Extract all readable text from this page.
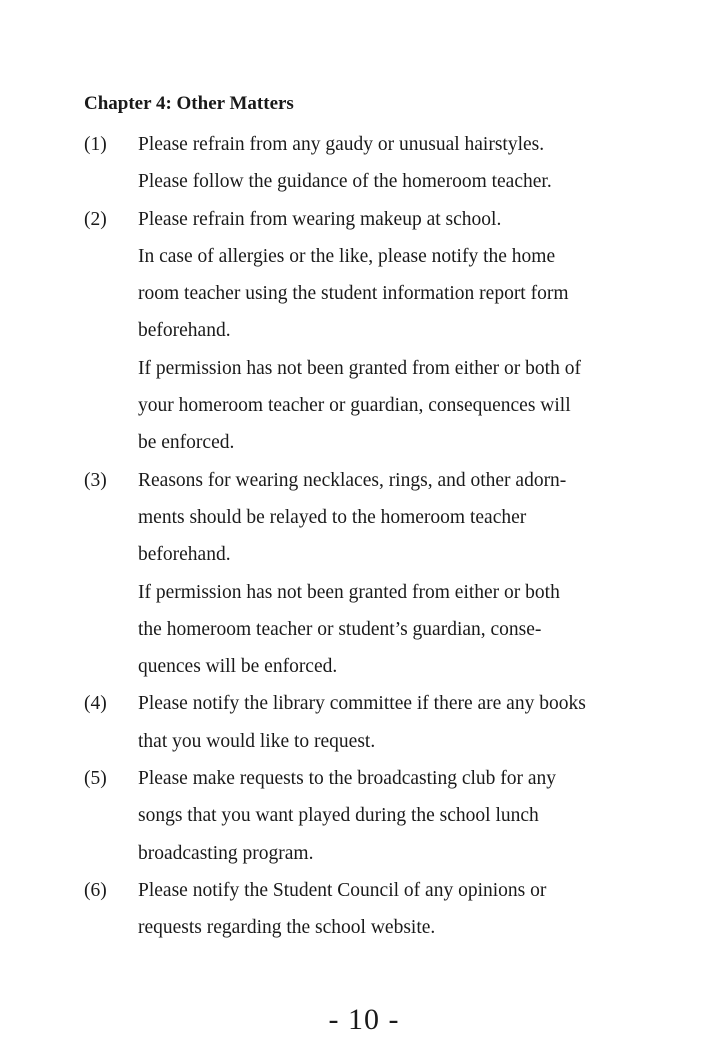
Chapter 4: Other Matters
(1) Please refrain from any gaudy or unusual hairstyles.
Please follow the guidance of the homeroom teacher.
(2) Please refrain from wearing makeup at school.
In case of allergies or the like, please notify the home
room teacher using the student information report form
beforehand.
If permission has not been granted from either or both of
your homeroom teacher or guardian, consequences will
be enforced.
(3) Reasons for wearing necklaces, rings, and other adorn-
ments should be relayed to the homeroom teacher
beforehand.
If permission has not been granted from either or both
the homeroom teacher or student’s guardian, conse-
quences will be enforced.
(4) Please notify the library committee if there are any books
that you would like to request.
(5) Please make requests to the broadcasting club for any
songs that you want played during the school lunch
broadcasting program.
(6) Please notify the Student Council of any opinions or
requests regarding the school website.
- 10 -
